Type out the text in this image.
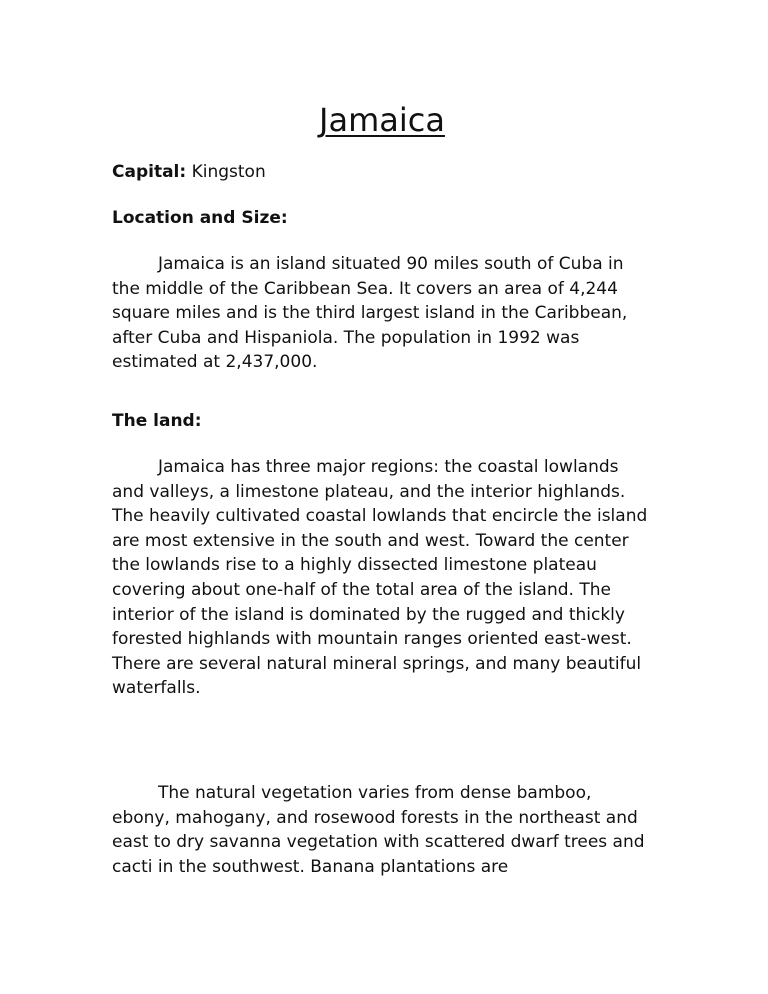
Jamaica
Capital: Kingston
Location and Size:

Jamaica is an island situated 90 miles south of Cuba in the middle of the Caribbean Sea. It covers an area of 4,244 square miles and is the third largest island in the Caribbean, after Cuba and Hispaniola. The population in 1992 was estimated at 2,437,000.

The land:

Jamaica has three major regions: the coastal lowlands and valleys, a limestone plateau, and the interior highlands. The heavily cultivated coastal lowlands that encircle the island are most extensive in the south and west. Toward the center the lowlands rise to a highly dissected limestone plateau covering about one-half of the total area of the island. The interior of the island is dominated by the rugged and thickly forested highlands with mountain ranges oriented east-west. There are several natural mineral springs, and many beautiful waterfalls.

The natural vegetation varies from dense bamboo, ebony, mahogany, and rosewood forests in the northeast and east to dry savanna vegetation with scattered dwarf trees and cacti in the southwest. Banana plantations are
